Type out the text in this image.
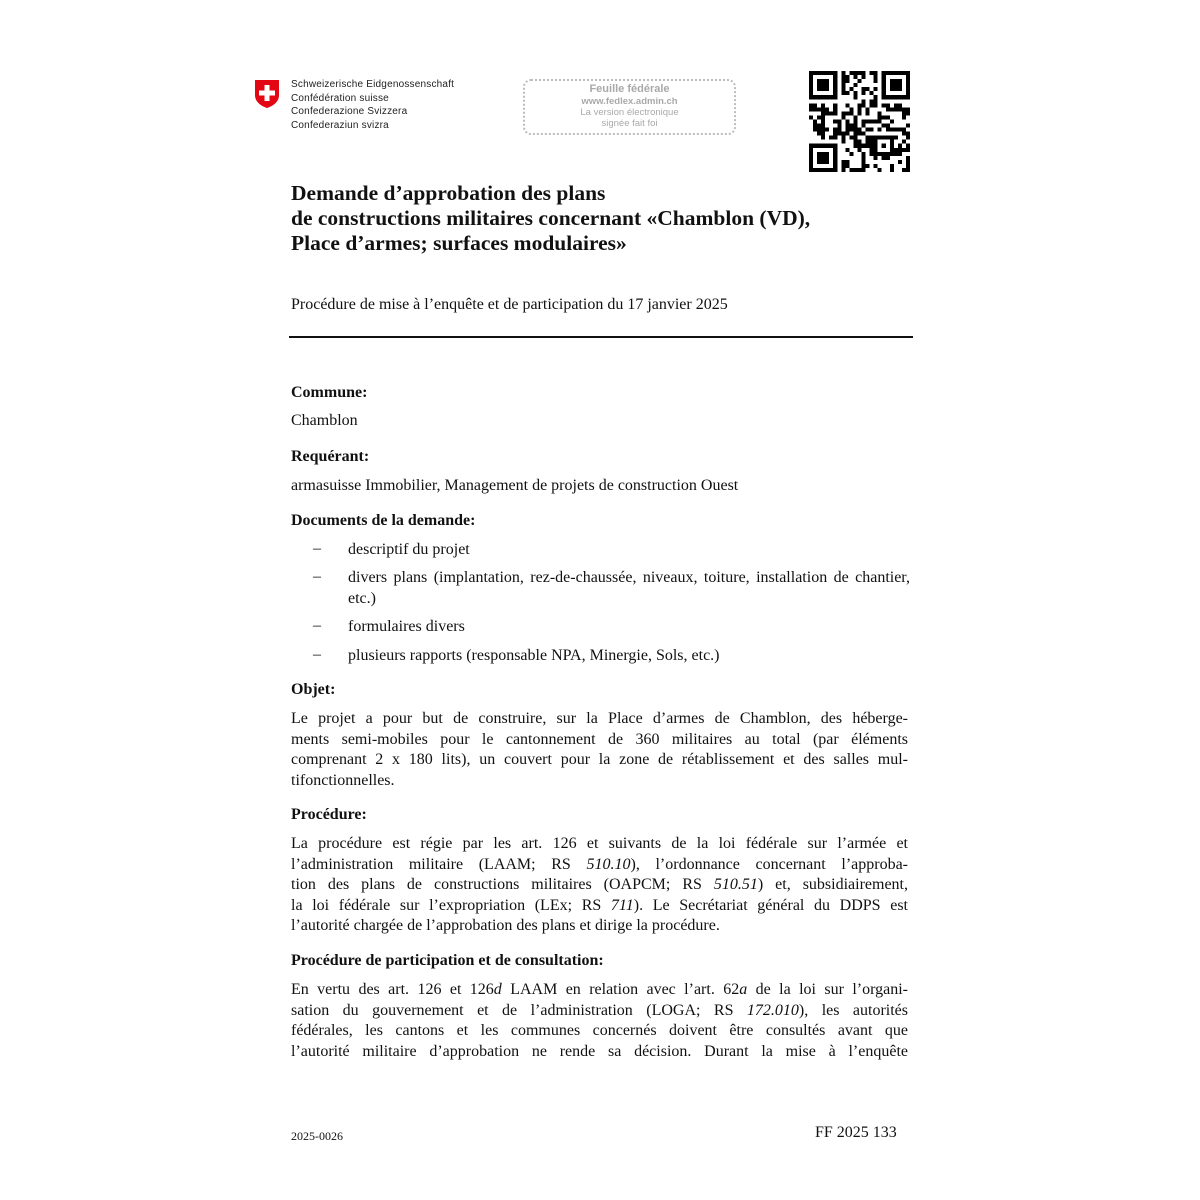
Schweizerische Eidgenossenschaft
Confédération suisse
Confederazione Svizzera
Confederaziun svizra
Feuille fédérale
www.fedlex.admin.ch
La version électronique
signée fait foi
Demande d’approbation des plans
de constructions militaires concernant «Chamblon (VD),
Place d’armes; surfaces modulaires»
Procédure de mise à l’enquête et de participation du 17 janvier 2025
Commune:
Chamblon
Requérant:
armasuisse Immobilier, Management de projets de construction Ouest
Documents de la demande:
– descriptif du projet
– divers plans (implantation, rez-de-chaussée, niveaux, toiture, installation de chantier, etc.)
– formulaires divers
– plusieurs rapports (responsable NPA, Minergie, Sols, etc.)
Objet:
Le projet a pour but de construire, sur la Place d’armes de Chamblon, des héberge-
ments semi-mobiles pour le cantonnement de 360 militaires au total (par éléments
comprenant 2 x 180 lits), un couvert pour la zone de rétablissement et des salles mul-
tifonctionnelles.
Procédure:
La procédure est régie par les art. 126 et suivants de la loi fédérale sur l’armée et
l’administration militaire (LAAM; RS 510.10), l’ordonnance concernant l’approba-
tion des plans de constructions militaires (OAPCM; RS 510.51) et, subsidiairement,
la loi fédérale sur l’expropriation (LEx; RS 711). Le Secrétariat général du DDPS est
l’autorité chargée de l’approbation des plans et dirige la procédure.
Procédure de participation et de consultation:
En vertu des art. 126 et 126d LAAM en relation avec l’art. 62a de la loi sur l’organi-
sation du gouvernement et de l’administration (LOGA; RS 172.010), les autorités
fédérales, les cantons et les communes concernés doivent être consultés avant que
l’autorité militaire d’approbation ne rende sa décision. Durant la mise à l’enquête
2025-0026	FF 2025 133
